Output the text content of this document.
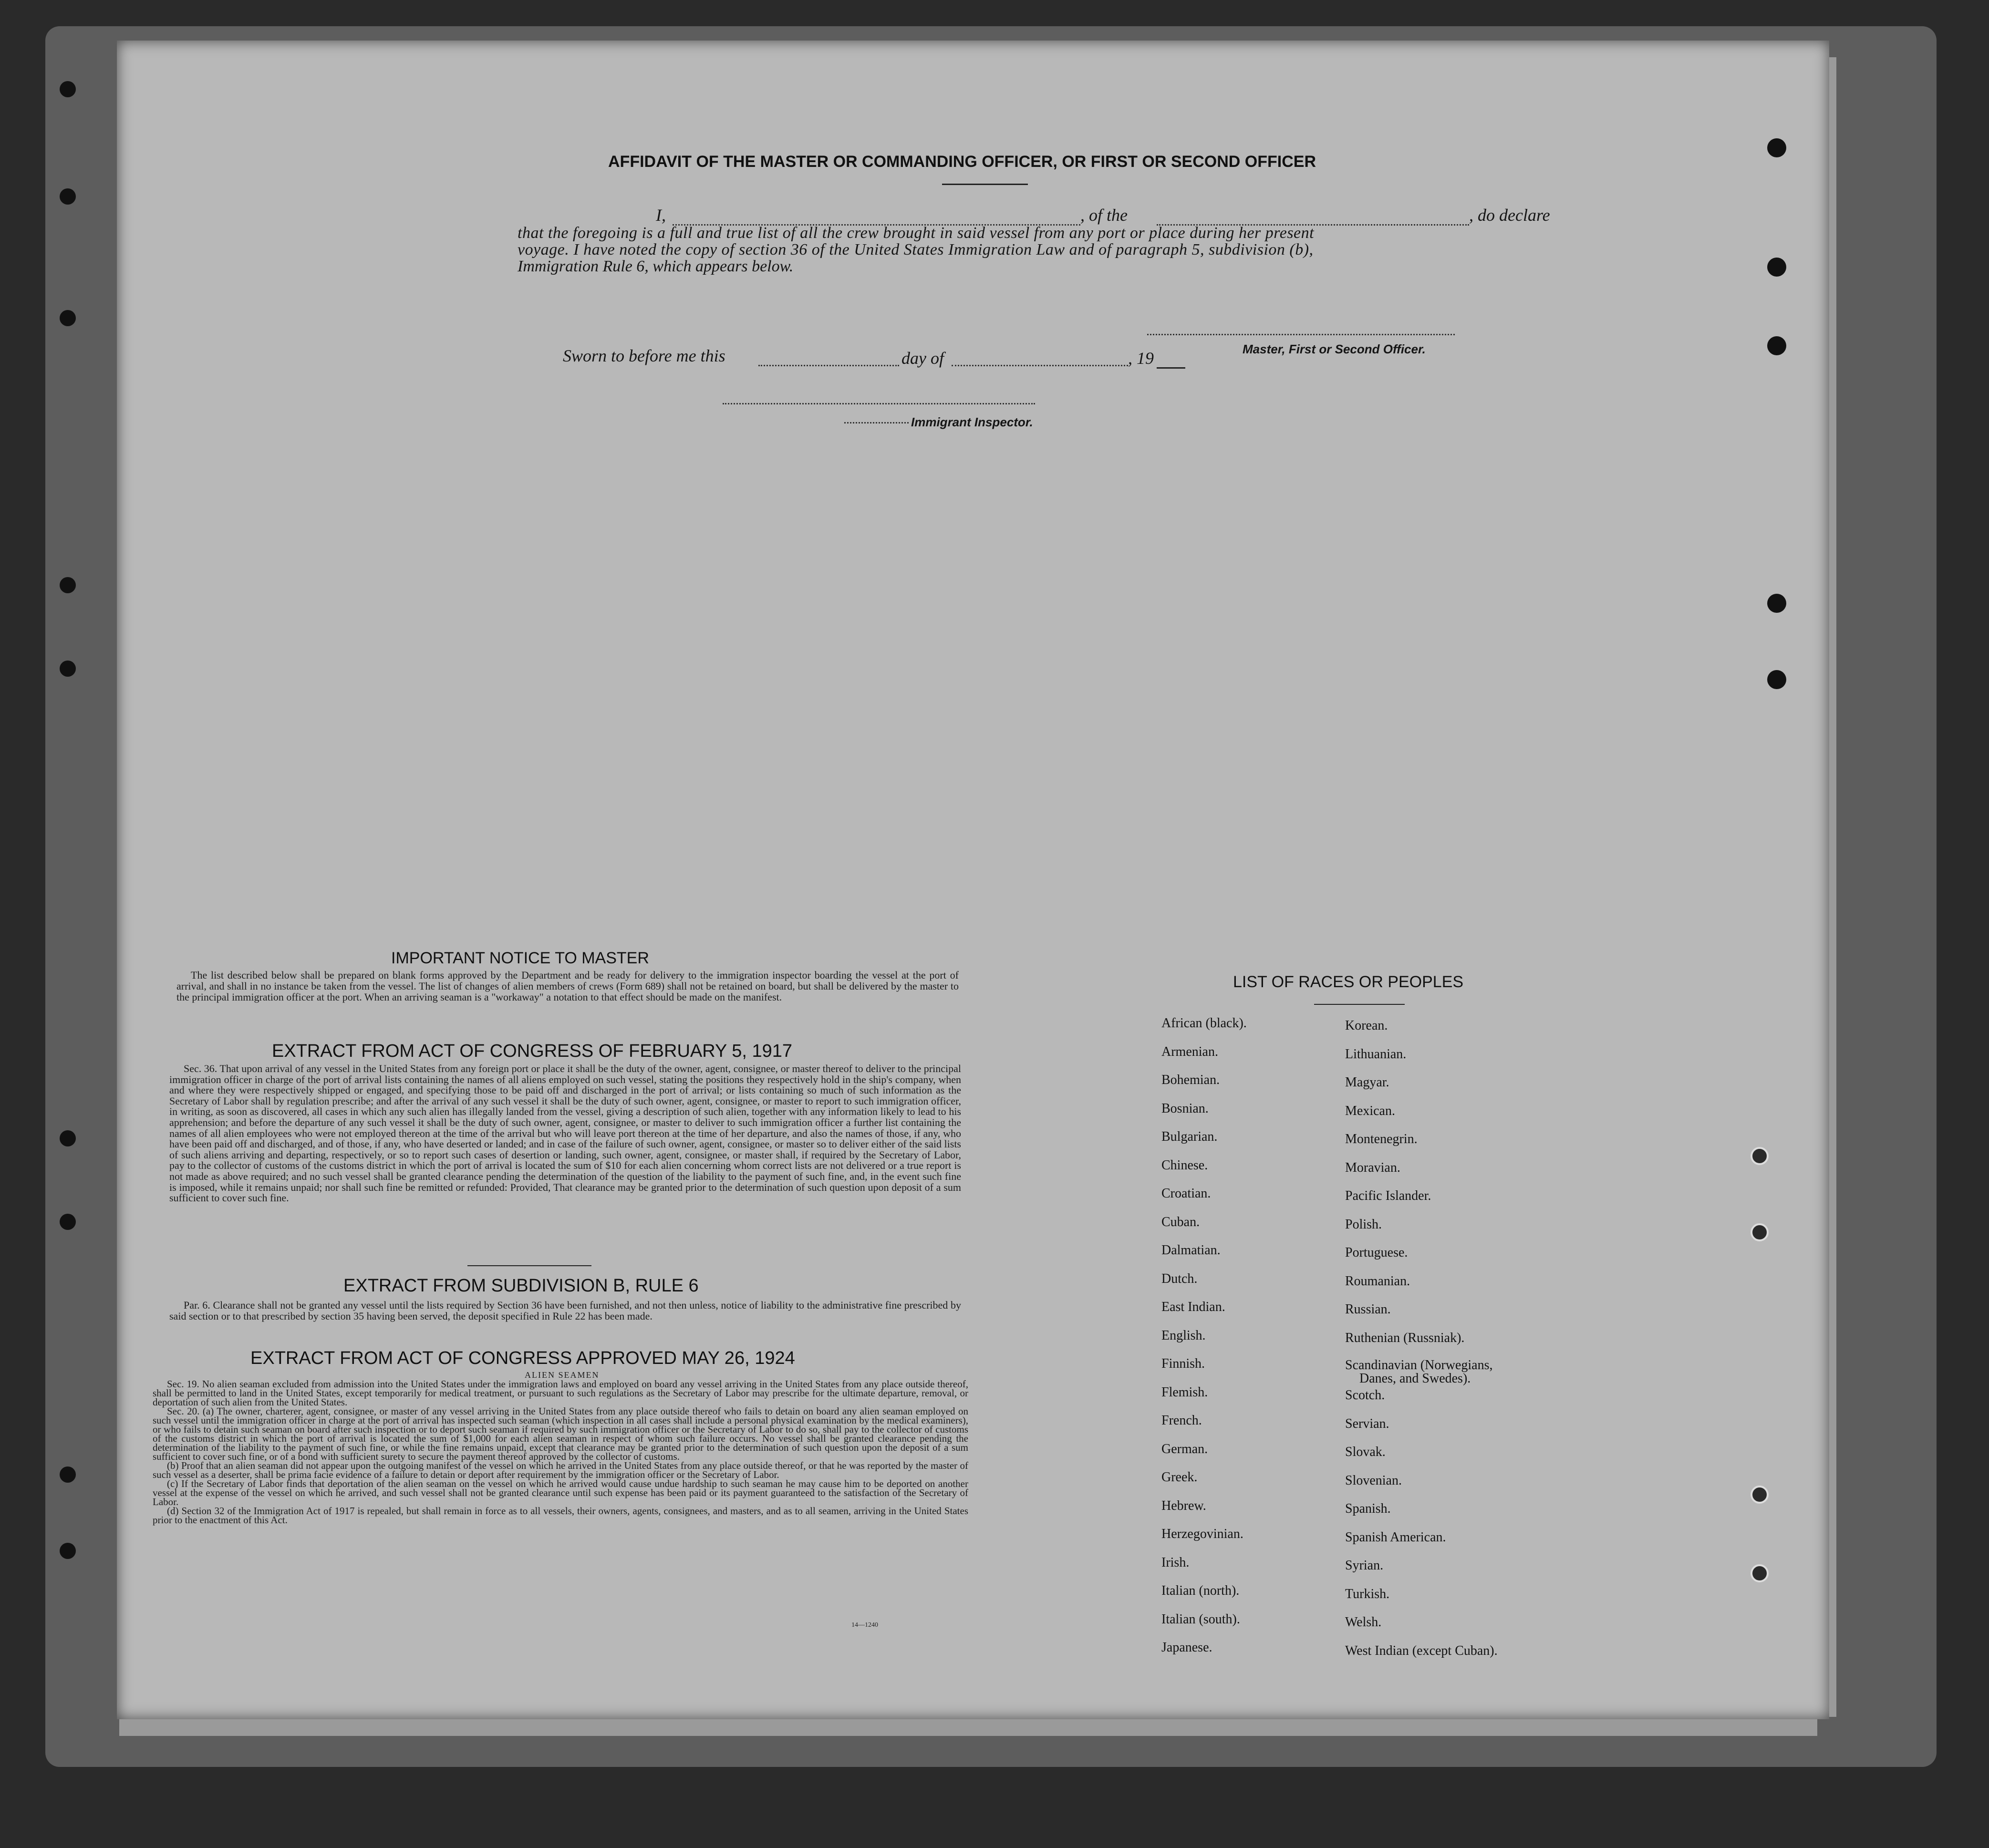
AFFIDAVIT OF THE MASTER OR COMMANDING OFFICER, OR FIRST OR SECOND OFFICER
I,	, of the	, do declare
that the foregoing is a full and true list of all the crew brought in said vessel from any port or place during her present
voyage. I have noted the copy of section 36 of the United States Immigration Law and of paragraph 5, subdivision (b),
Immigration Rule 6, which appears below.
Master, First or Second Officer.
Sworn to before me this	day of	, 19
Immigrant Inspector.
IMPORTANT NOTICE TO MASTER

The list described below shall be prepared on blank forms approved by the Department and be ready for delivery to the immigration inspector boarding the vessel at the port of arrival, and shall in no instance be taken from the vessel. The list of changes of alien members of crews (Form 689) shall not be retained on board, but shall be delivered by the master to the principal immigration officer at the port. When an arriving seaman is a "workaway" a notation to that effect should be made on the manifest.

EXTRACT FROM ACT OF CONGRESS OF FEBRUARY 5, 1917

Sec. 36. That upon arrival of any vessel in the United States from any foreign port or place it shall be the duty of the owner, agent, consignee, or master thereof to deliver to the principal immigration officer in charge of the port of arrival lists containing the names of all aliens employed on such vessel, stating the positions they respectively hold in the ship's company, when and where they were respectively shipped or engaged, and specifying those to be paid off and discharged in the port of arrival; or lists containing so much of such information as the Secretary of Labor shall by regulation prescribe; and after the arrival of any such vessel it shall be the duty of such owner, agent, consignee, or master to report to such immigration officer, in writing, as soon as discovered, all cases in which any such alien has illegally landed from the vessel, giving a description of such alien, together with any information likely to lead to his apprehension; and before the departure of any such vessel it shall be the duty of such owner, agent, consignee, or master to deliver to such immigration officer a further list containing the names of all alien employees who were not employed thereon at the time of the arrival but who will leave port thereon at the time of her departure, and also the names of those, if any, who have been paid off and discharged, and of those, if any, who have deserted or landed; and in case of the failure of such owner, agent, consignee, or master so to deliver either of the said lists of such aliens arriving and departing, respectively, or so to report such cases of desertion or landing, such owner, agent, consignee, or master shall, if required by the Secretary of Labor, pay to the collector of customs of the customs district in which the port of arrival is located the sum of $10 for each alien concerning whom correct lists are not delivered or a true report is not made as above required; and no such vessel shall be granted clearance pending the determination of the question of the liability to the payment of such fine, and, in the event such fine is imposed, while it remains unpaid; nor shall such fine be remitted or refunded: Provided, That clearance may be granted prior to the determination of such question upon deposit of a sum sufficient to cover such fine.

EXTRACT FROM SUBDIVISION B, RULE 6

Par. 6. Clearance shall not be granted any vessel until the lists required by Section 36 have been furnished, and not then unless, notice of liability to the administrative fine prescribed by said section or to that prescribed by section 35 having been served, the deposit specified in Rule 22 has been made.

EXTRACT FROM ACT OF CONGRESS APPROVED MAY 26, 1924
ALIEN SEAMEN

Sec. 19. No alien seaman excluded from admission into the United States under the immigration laws and employed on board any vessel arriving in the United States from any place outside thereof, shall be permitted to land in the United States, except temporarily for medical treatment, or pursuant to such regulations as the Secretary of Labor may prescribe for the ultimate departure, removal, or deportation of such alien from the United States.

Sec. 20. (a) The owner, charterer, agent, consignee, or master of any vessel arriving in the United States from any place outside thereof who fails to detain on board any alien seaman employed on such vessel until the immigration officer in charge at the port of arrival has inspected such seaman (which inspection in all cases shall include a personal physical examination by the medical examiners), or who fails to detain such seaman on board after such inspection or to deport such seaman if required by such immigration officer or the Secretary of Labor to do so, shall pay to the collector of customs of the customs district in which the port of arrival is located the sum of $1,000 for each alien seaman in respect of whom such failure occurs. No vessel shall be granted clearance pending the determination of the liability to the payment of such fine, or while the fine remains unpaid, except that clearance may be granted prior to the determination of such question upon the deposit of a sum sufficient to cover such fine, or of a bond with sufficient surety to secure the payment thereof approved by the collector of customs.

(b) Proof that an alien seaman did not appear upon the outgoing manifest of the vessel on which he arrived in the United States from any place outside thereof, or that he was reported by the master of such vessel as a deserter, shall be prima facie evidence of a failure to detain or deport after requirement by the immigration officer or the Secretary of Labor.

(c) If the Secretary of Labor finds that deportation of the alien seaman on the vessel on which he arrived would cause undue hardship to such seaman he may cause him to be deported on another vessel at the expense of the vessel on which he arrived, and such vessel shall not be granted clearance until such expense has been paid or its payment guaranteed to the satisfaction of the Secretary of Labor.

(d) Section 32 of the Immigration Act of 1917 is repealed, but shall remain in force as to all vessels, their owners, agents, consignees, and masters, and as to all seamen, arriving in the United States prior to the enactment of this Act.

14—1240
LIST OF RACES OR PEOPLES
African (black).
Armenian.
Bohemian.
Bosnian.
Bulgarian.
Chinese.
Croatian.
Cuban.
Dalmatian.
Dutch.
East Indian.
English.
Finnish.
Flemish.
French.
German.
Greek.
Hebrew.
Herzegovinian.
Irish.
Italian (north).
Italian (south).
Japanese.
Korean.
Lithuanian.
Magyar.
Mexican.
Montenegrin.
Moravian.
Pacific Islander.
Polish.
Portuguese.
Roumanian.
Russian.
Ruthenian (Russniak).
Scandinavian (Norwegians,
Danes, and Swedes).
Scotch.
Servian.
Slovak.
Slovenian.
Spanish.
Spanish American.
Syrian.
Turkish.
Welsh.
West Indian (except Cuban).
